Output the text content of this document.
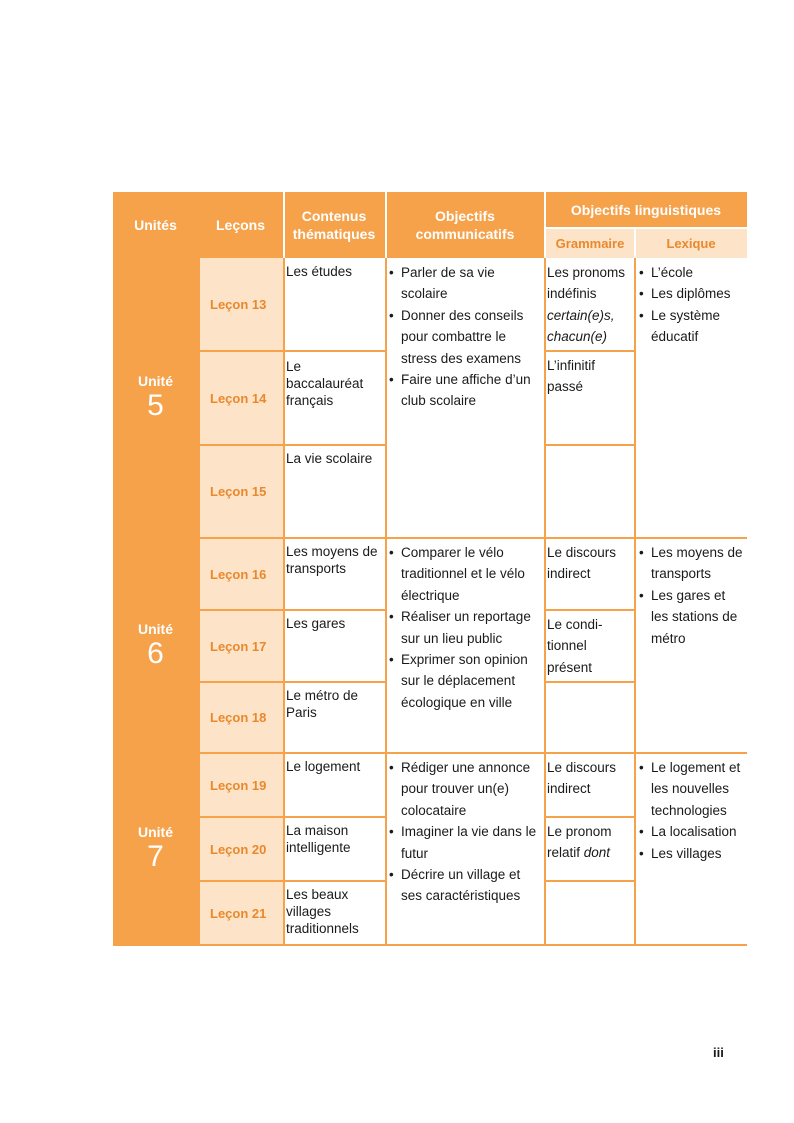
Unités	Leçons
Contenus thématiques
Objectifs communicatifs
Objectifs linguistiques
Grammaire	Lexique
Unité
5
Leçon 13
Leçon 14
Leçon 15
Les études
Le baccalauréat français
La vie scolaire
• Parler de sa vie scolaire
• Donner des conseils pour combattre le stress des examens
• Faire une affiche d’un club scolaire
Les pronoms indéfinis certain(e)s, chacun(e)
L’infinitif passé
• L’école
• Les diplômes
• Le système éducatif
Unité
6
Leçon 16
Leçon 17
Leçon 18
Les moyens de transports
Les gares
Le métro de Paris
• Comparer le vélo traditionnel et le vélo électrique
• Réaliser un reportage sur un lieu public
• Exprimer son opinion sur le déplacement écologique en ville
Le discours indirect
Le condi-tionnel présent
• Les moyens de transports
• Les gares et les stations de métro
Unité
7
Leçon 19
Leçon 20
Leçon 21
Le logement
La maison intelligente
Les beaux villages traditionnels
• Rédiger une annonce pour trouver un(e) colocataire
• Imaginer la vie dans le futur
• Décrire un village et ses caractéristiques
Le discours indirect
Le pronom relatif dont
• Le logement et les nouvelles technologies
• La localisation
• Les villages
iii
